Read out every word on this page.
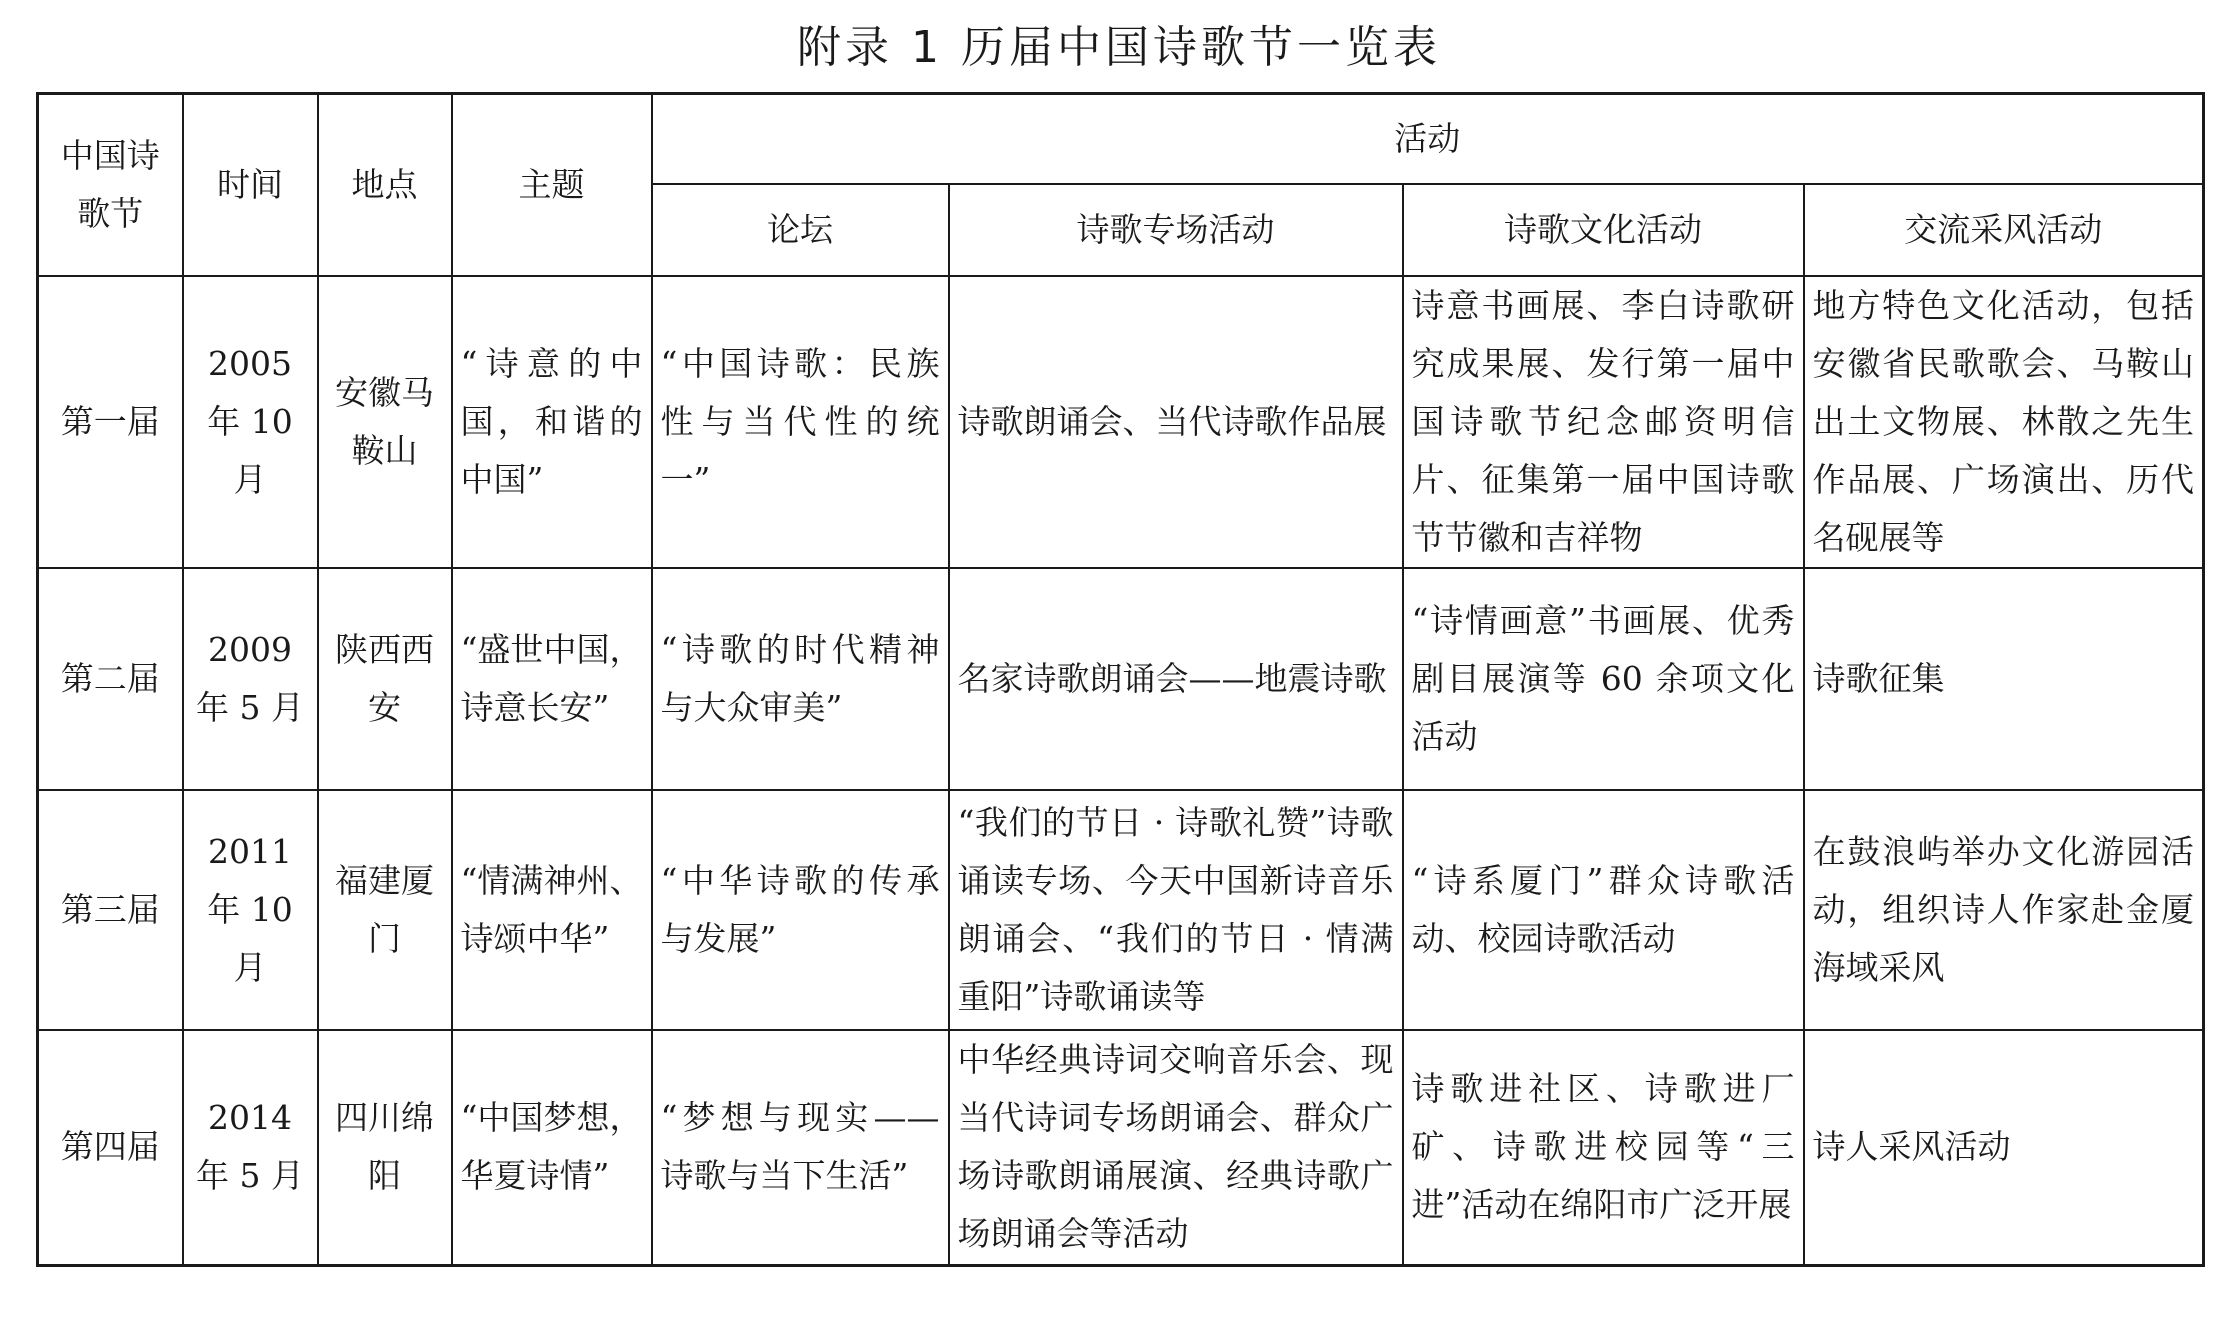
附录 1 历届中国诗歌节一览表
中国诗歌节	时间	地点	主题	活动			

				论坛	诗歌专场活动	诗歌文化活动	交流采风活动

第一届	2005 年 10 月	安徽马鞍山	“诗意的中国，和谐的中国”	“中国诗歌：民族性与当代性的统一”	诗歌朗诵会、当代诗歌作品展	诗意书画展、李白诗歌研究成果展、发行第一届中国诗歌节纪念邮资明信片、征集第一届中国诗歌节节徽和吉祥物	地方特色文化活动，包括安徽省民歌歌会、马鞍山出土文物展、林散之先生作品展、广场演出、历代名砚展等
第二届	2009 年 5 月	陕西西安	“盛世中国，诗意长安”	“诗歌的时代精神与大众审美”	名家诗歌朗诵会——地震诗歌	“诗情画意”书画展、优秀剧目展演等 60 余项文化活动	诗歌征集
第三届	2011 年 10 月	福建厦门	“情满神州、诗颂中华”	“中华诗歌的传承与发展”	“我们的节日 · 诗歌礼赞”诗歌诵读专场、今天中国新诗音乐朗诵会、“我们的节日 · 情满重阳”诗歌诵读等	“诗系厦门”群众诗歌活动、校园诗歌活动	在鼓浪屿举办文化游园活动，组织诗人作家赴金厦海域采风
第四届	2014 年 5 月	四川绵阳	“中国梦想，华夏诗情”	“梦想与现实——诗歌与当下生活”	中华经典诗词交响音乐会、现当代诗词专场朗诵会、群众广场诗歌朗诵展演、经典诗歌广场朗诵会等活动	诗歌进社区、诗歌进厂矿、诗歌进校园等“三进”活动在绵阳市广泛开展	诗人采风活动
